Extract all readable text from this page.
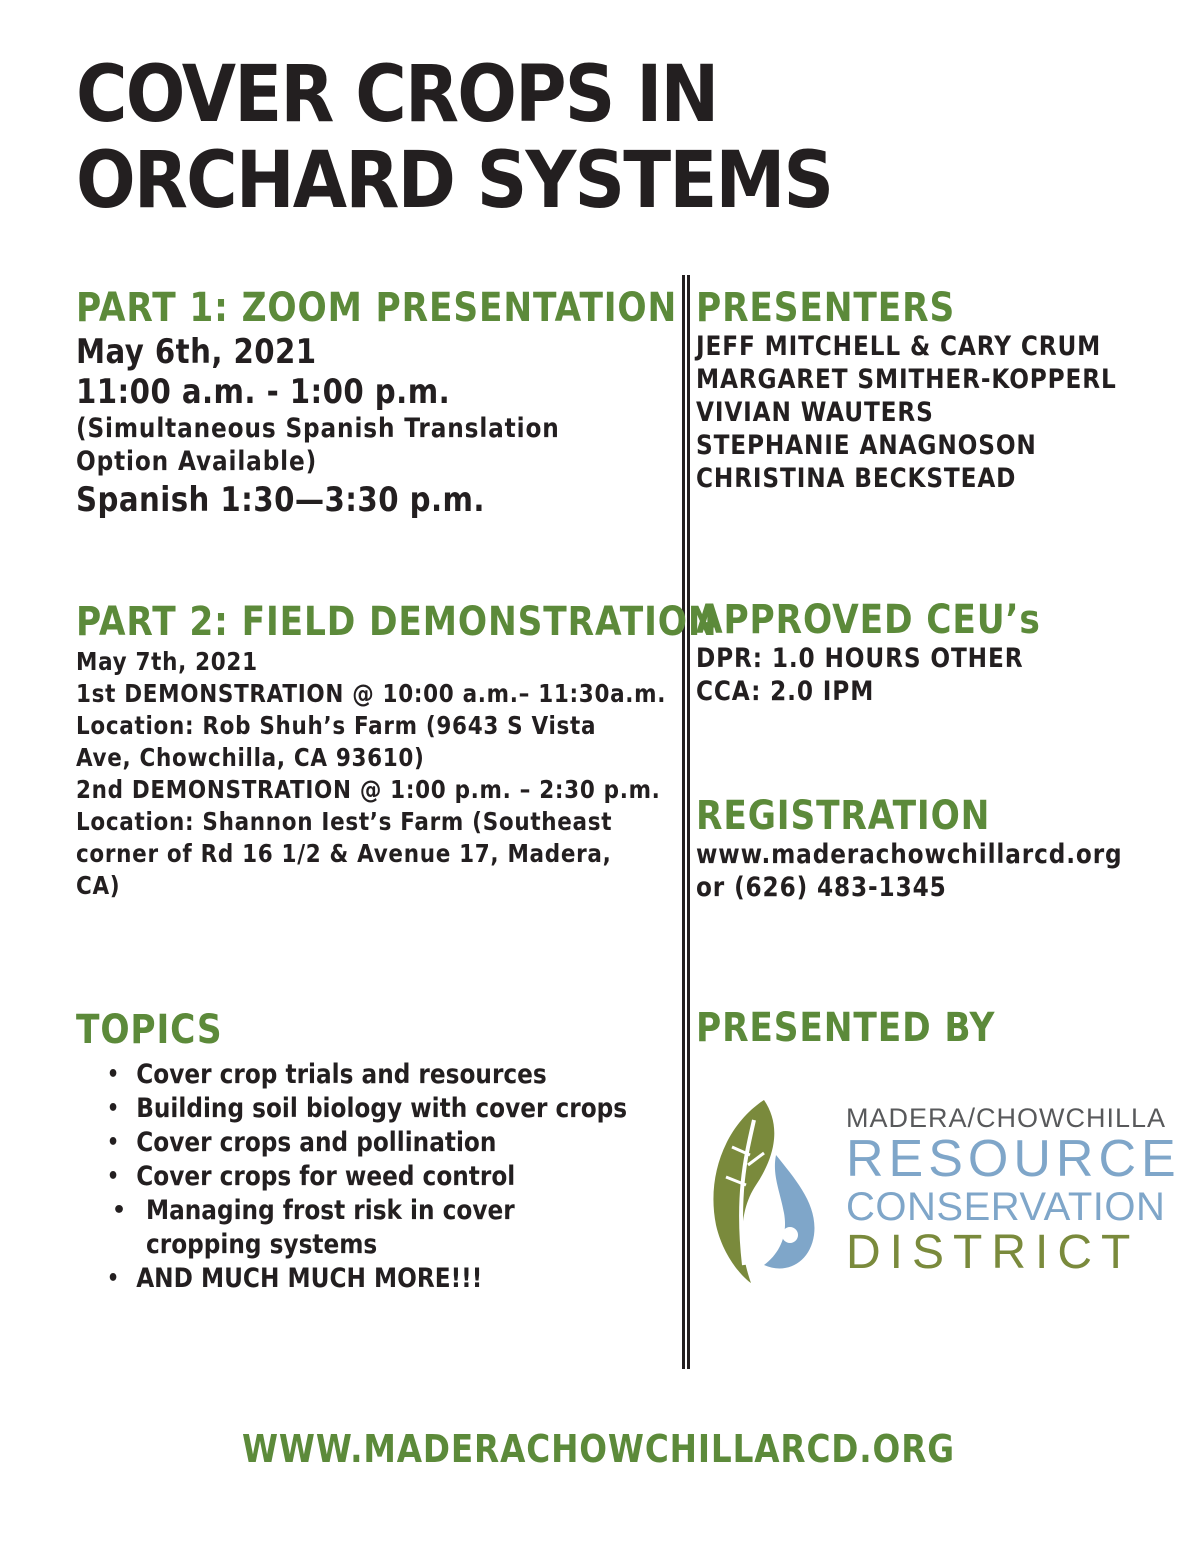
COVER CROPS IN
ORCHARD SYSTEMS
PART 1: ZOOM PRESENTATION
May 6th, 2021
11:00 a.m. - 1:00 p.m.
(Simultaneous Spanish Translation
Option Available)
Spanish 1:30—3:30 p.m.
PART 2: FIELD DEMONSTRATION
May 7th, 2021
1st DEMONSTRATION @ 10:00 a.m.– 11:30a.m.
Location: Rob Shuh’s Farm (9643 S Vista
Ave, Chowchilla, CA 93610)
2nd DEMONSTRATION @ 1:00 p.m. – 2:30 p.m.
Location: Shannon Iest’s Farm (Southeast
corner of Rd 16 1/2 & Avenue 17, Madera,
CA)
TOPICS
• Cover crop trials and resources
• Building soil biology with cover crops
• Cover crops and pollination
• Cover crops for weed control
• Managing frost risk in cover cropping systems
• AND MUCH MUCH MORE!!!
PRESENTERS
JEFF MITCHELL & CARY CRUM
MARGARET SMITHER-KOPPERL
VIVIAN WAUTERS
STEPHANIE ANAGNOSON
CHRISTINA BECKSTEAD
APPROVED CEU’s
DPR: 1.0 HOURS OTHER
CCA: 2.0 IPM
REGISTRATION
www.maderachowchillarcd.org
or (626) 483-1345
PRESENTED BY
MADERA/CHOWCHILLA
RESOURCE
CONSERVATION
DISTRICT
WWW.MADERACHOWCHILLARCD.ORG
